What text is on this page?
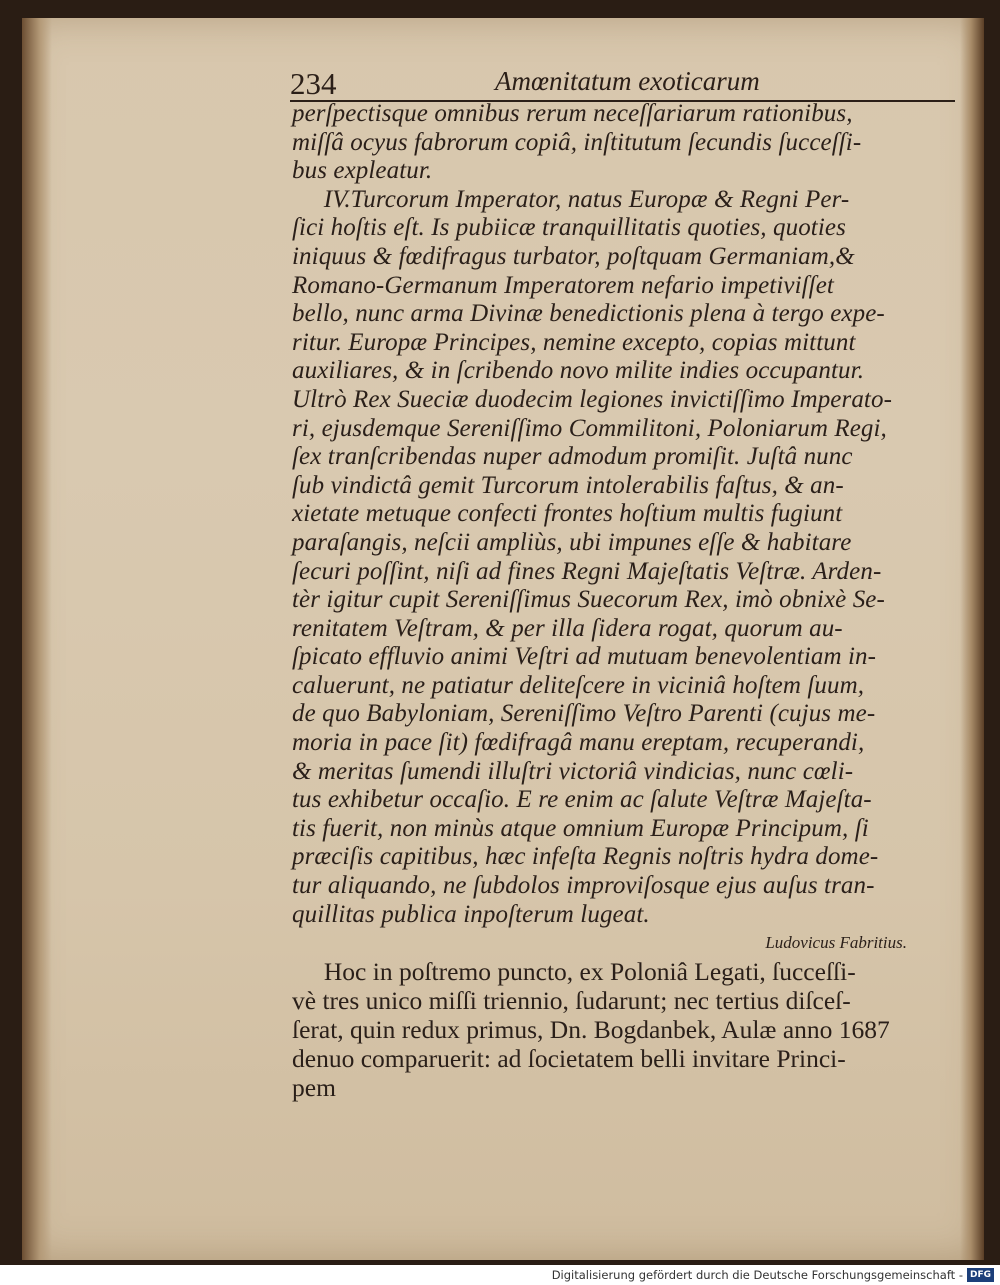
234	Amœnitatum exoticarum
perſpectisque omnibus rerum neceſſariarum rationibus,
miſſâ ocyus fabrorum copiâ, inſtitutum ſecundis ſucceſſi-
bus expleatur.
IV.Turcorum Imperator, natus Europæ & Regni Per-
ſici hoſtis eſt. Is pubiicæ tranquillitatis quoties, quoties
iniquus & fœdifragus turbator, poſtquam Germaniam,&
Romano-Germanum Imperatorem nefario impetiviſſet
bello, nunc arma Divinæ benedictionis plena à tergo expe-
ritur. Europæ Principes, nemine excepto, copias mittunt
auxiliares, & in ſcribendo novo milite indies occupantur.
Ultrò Rex Sueciæ duodecim legiones invictiſſimo Imperato-
ri, ejusdemque Sereniſſimo Commilitoni, Poloniarum Regi,
ſex tranſcribendas nuper admodum promiſit. Juſtâ nunc
ſub vindictâ gemit Turcorum intolerabilis faſtus, & an-
xietate metuque confecti frontes hoſtium multis fugiunt
paraſangis, neſcii ampliùs, ubi impunes eſſe & habitare
ſecuri poſſint, niſi ad fines Regni Majeſtatis Veſtræ. Arden-
tèr igitur cupit Sereniſſimus Suecorum Rex, imò obnixè Se-
renitatem Veſtram, & per illa ſidera rogat, quorum au-
ſpicato effluvio animi Veſtri ad mutuam benevolentiam in-
caluerunt, ne patiatur deliteſcere in viciniâ hoſtem ſuum,
de quo Babyloniam, Sereniſſimo Veſtro Parenti (cujus me-
moria in pace ſit) fœdifragâ manu ereptam, recuperandi,
& meritas ſumendi illuſtri victoriâ vindicias, nunc cœli-
tus exhibetur occaſio. E re enim ac ſalute Veſtræ Majeſta-
tis fuerit, non minùs atque omnium Europæ Principum, ſi
præciſis capitibus, hæc infeſta Regnis noſtris hydra dome-
tur aliquando, ne ſubdolos improviſosque ejus auſus tran-
quillitas publica inpoſterum lugeat.
Ludovicus Fabritius.
Hoc in poſtremo puncto, ex Poloniâ Legati, ſucceſſi-
vè tres unico miſſi triennio, ſudarunt; nec tertius diſceſ-
ſerat, quin redux primus, Dn. Bogdanbek, Aulæ anno 1687
denuo comparuerit: ad ſocietatem belli invitare Princi-
pem
Digitalisierung gefördert durch die Deutsche Forschungsgemeinschaft - DFG
